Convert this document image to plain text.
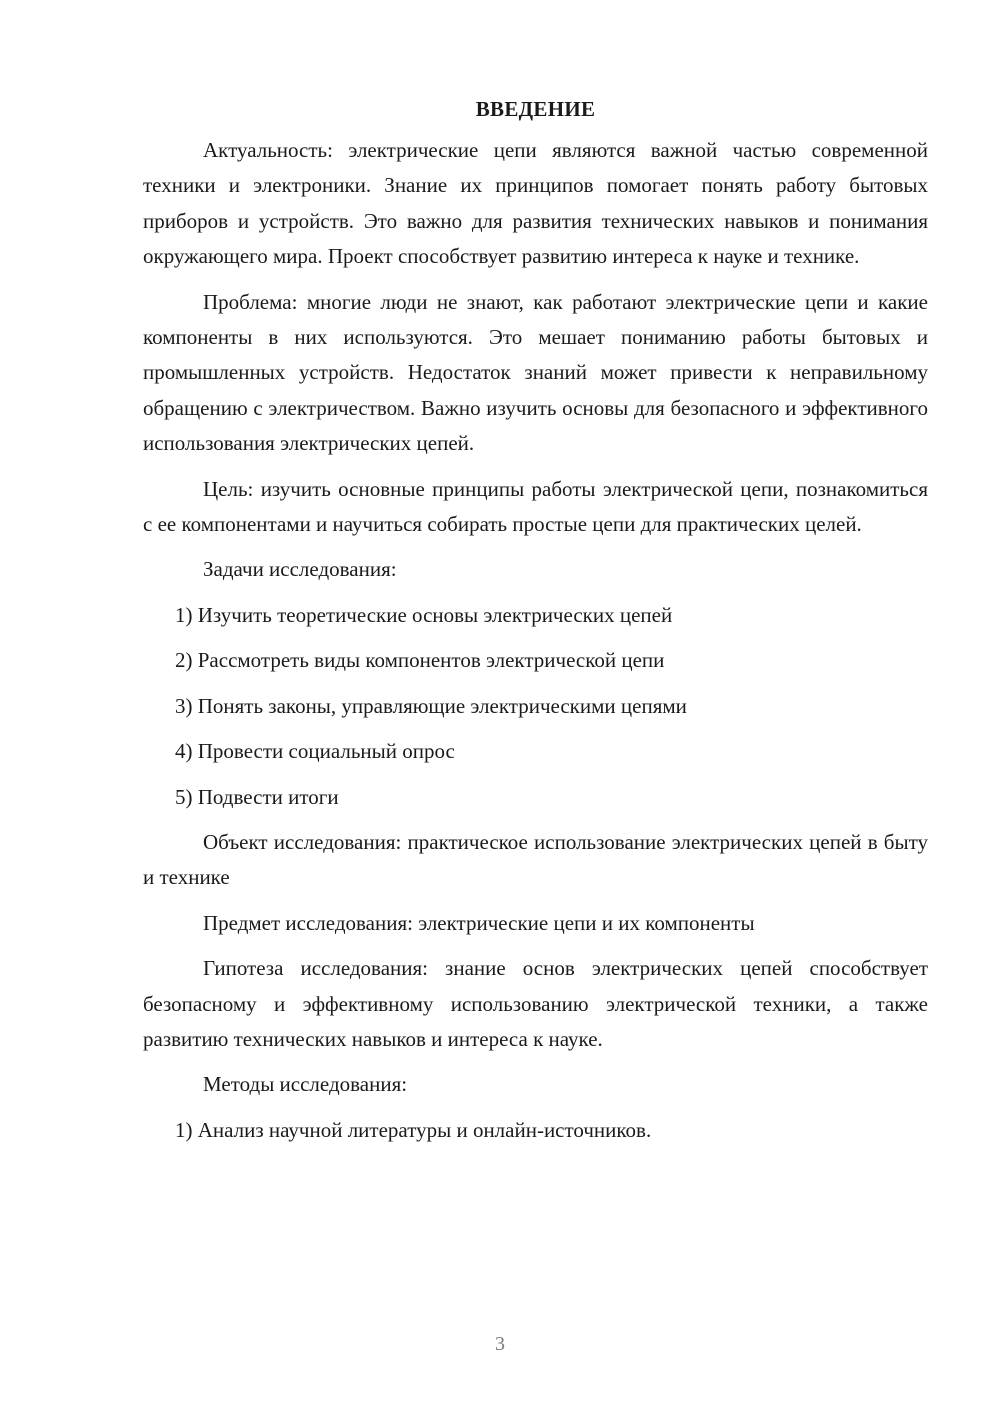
ВВЕДЕНИЕ

Актуальность: электрические цепи являются важной частью современной техники и электроники. Знание их принципов помогает понять работу бытовых приборов и устройств. Это важно для развития технических навыков и понимания окружающего мира. Проект способствует развитию интереса к науке и технике.

Проблема: многие люди не знают, как работают электрические цепи и какие компоненты в них используются. Это мешает пониманию работы бытовых и промышленных устройств. Недостаток знаний может привести к неправильному обращению с электричеством. Важно изучить основы для безопасного и эффективного использования электрических цепей.

Цель: изучить основные принципы работы электрической цепи, познакомиться с ее компонентами и научиться собирать простые цепи для практических целей.

Задачи исследования:
1) Изучить теоретические основы электрических цепей
2) Рассмотреть виды компонентов электрической цепи
3) Понять законы, управляющие электрическими цепями
4) Провести социальный опрос
5) Подвести итоги

Объект исследования: практическое использование электрических цепей в быту и технике

Предмет исследования: электрические цепи и их компоненты

Гипотеза исследования: знание основ электрических цепей способствует безопасному и эффективному использованию электрической техники, а также развитию технических навыков и интереса к науке.

Методы исследования:
1) Анализ научной литературы и онлайн-источников.
3
